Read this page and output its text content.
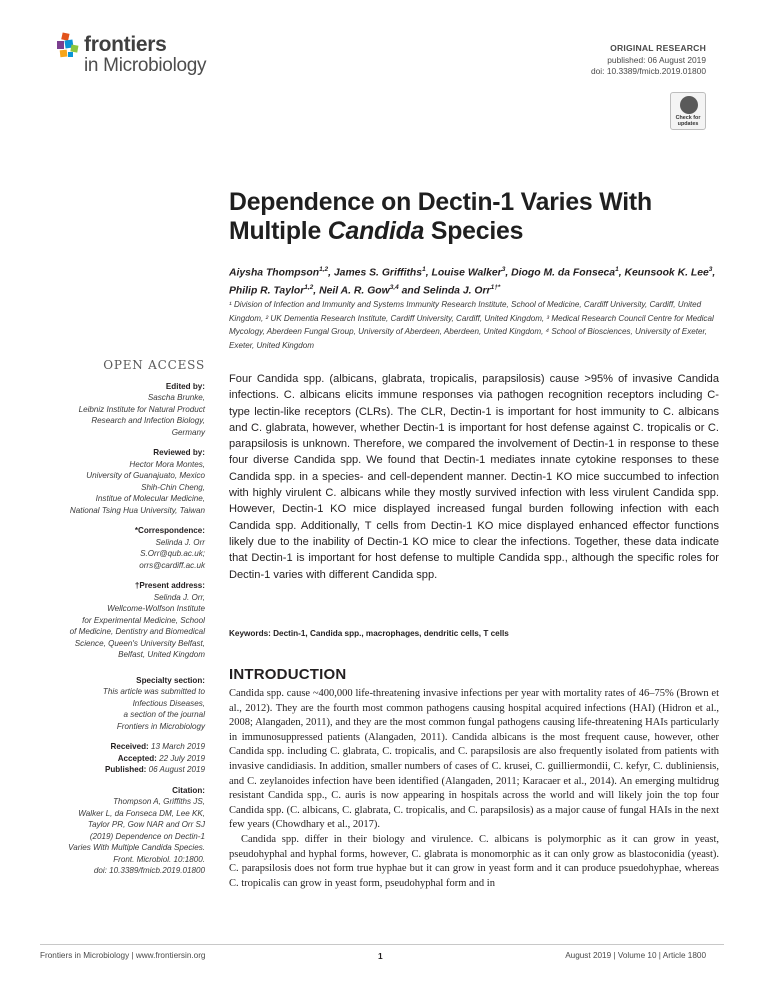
frontiers
in Microbiology
ORIGINAL RESEARCH
published: 06 August 2019
doi: 10.3389/fmicb.2019.01800
Check for
updates
Dependence on Dectin-1 Varies With Multiple Candida Species
Aiysha Thompson$^{1,2}$, James S. Griffiths$^1$, Louise Walker$^3$, Diogo M. da Fonseca$^1$, Keunsook K. Lee$^3$, Philip R. Taylor$^{1,2}$, Neil A. R. Gow$^{3,4}$ and Selinda J. Orr$^{1\dagger*}$
¹ Division of Infection and Immunity and Systems Immunity Research Institute, School of Medicine, Cardiff University, Cardiff, United Kingdom, ² UK Dementia Research Institute, Cardiff University, Cardiff, United Kingdom, ³ Medical Research Council Centre for Medical Mycology, Aberdeen Fungal Group, University of Aberdeen, Aberdeen, United Kingdom, ⁴ School of Biosciences, University of Exeter, Exeter, United Kingdom
OPEN ACCESS
Edited by:
Sascha Brunke,
Leibniz Institute for Natural Product
Research and Infection Biology,
Germany
Reviewed by:
Hector Mora Montes,
University of Guanajuato, Mexico
Shih-Chin Cheng,
Institue of Molecular Medicine,
National Tsing Hua University, Taiwan
*Correspondence:
Selinda J. Orr
S.Orr@qub.ac.uk;
orrs@cardiff.ac.uk
†Present address:
Selinda J. Orr,
Wellcome-Wolfson Institute
for Experimental Medicine, School
of Medicine, Dentistry and Biomedical
Science, Queen's University Belfast,
Belfast, United Kingdom
Specialty section:
This article was submitted to
Infectious Diseases,
a section of the journal
Frontiers in Microbiology
Received: 13 March 2019
Accepted: 22 July 2019
Published: 06 August 2019
Citation:
Thompson A, Griffiths JS,
Walker L, da Fonseca DM, Lee KK,
Taylor PR, Gow NAR and Orr SJ
(2019) Dependence on Dectin-1
Varies With Multiple Candida Species.
Front. Microbiol. 10:1800.
doi: 10.3389/fmicb.2019.01800
Four Candida spp. (albicans, glabrata, tropicalis, parapsilosis) cause >95% of invasive Candida infections. C. albicans elicits immune responses via pathogen recognition receptors including C-type lectin-like receptors (CLRs). The CLR, Dectin-1 is important for host immunity to C. albicans and C. glabrata, however, whether Dectin-1 is important for host defense against C. tropicalis or C. parapsilosis is unknown. Therefore, we compared the involvement of Dectin-1 in response to these four diverse Candida spp. We found that Dectin-1 mediates innate cytokine responses to these Candida spp. in a species- and cell-dependent manner. Dectin-1 KO mice succumbed to infection with highly virulent C. albicans while they mostly survived infection with less virulent Candida spp. However, Dectin-1 KO mice displayed increased fungal burden following infection with each Candida spp. Additionally, T cells from Dectin-1 KO mice displayed enhanced effector functions likely due to the inability of Dectin-1 KO mice to clear the infections. Together, these data indicate that Dectin-1 is important for host defense to multiple Candida spp., although the specific roles for Dectin-1 varies with different Candida spp.
Keywords: Dectin-1, Candida spp., macrophages, dendritic cells, T cells
INTRODUCTION

Candida spp. cause ~400,000 life-threatening invasive infections per year with mortality rates of 46–75% (Brown et al., 2012). They are the fourth most common pathogens causing hospital acquired infections (HAI) (Hidron et al., 2008; Alangaden, 2011), and they are the most common fungal pathogens causing life-threatening HAIs particularly in immunosuppressed patients (Alangaden, 2011). Candida albicans is the most frequent cause, however, other Candida spp. including C. glabrata, C. tropicalis, and C. parapsilosis are also frequently isolated from patients with invasive candidiasis. In addition, smaller numbers of cases of C. krusei, C. guilliermondii, C. kefyr, C. dubliniensis, and C. zeylanoides infection have been identified (Alangaden, 2011; Karacaer et al., 2014). An emerging multidrug resistant Candida spp., C. auris is now appearing in hospitals across the world and will likely join the top four Candida spp. (C. albicans, C. glabrata, C. tropicalis, and C. parapsilosis) as a major cause of fungal HAIs in the next few years (Chowdhary et al., 2017).

Candida spp. differ in their biology and virulence. C. albicans is polymorphic as it can grow in yeast, pseudohyphal and hyphal forms, however, C. glabrata is monomorphic as it can only grow as blastoconidia (yeast). C. parapsilosis does not form true hyphae but it can grow in yeast form and it can produce psuedohyphae, whereas C. tropicalis can grow in yeast form, pseudohyphal form and in

Frontiers in Microbiology | www.frontiersin.org	1	August 2019 | Volume 10 | Article 1800
